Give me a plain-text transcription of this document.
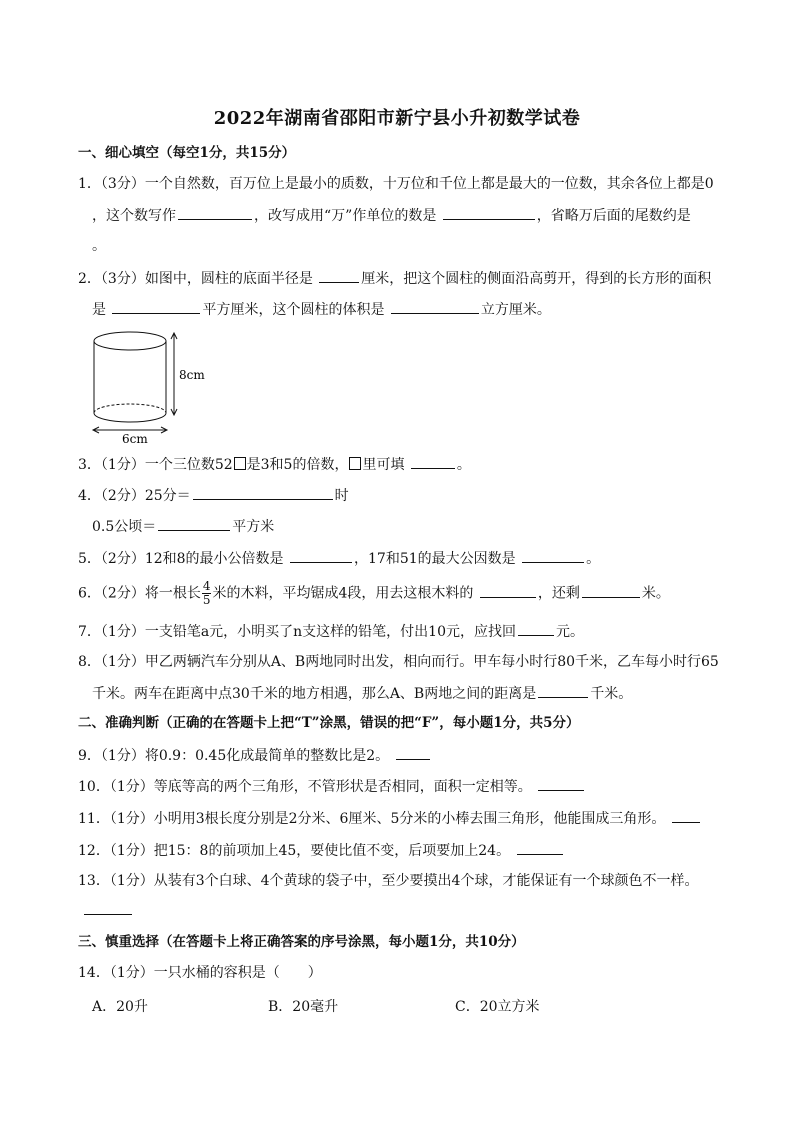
2022年湖南省邵阳市新宁县小升初数学试卷
一、细心填空（每空1分，共15分）
1．（3分）一个自然数，百万位上是最小的质数，十万位和千位上都是最大的一位数，其余各位上都是0
，这个数写作	，改写成用“万”作单位的数是	，省略万后面的尾数约是
。
2．（3分）如图中，圆柱的底面半径是	厘米，把这个圆柱的侧面沿高剪开，得到的长方形的面积
是	平方厘米，这个圆柱的体积是	立方厘米。
8cm
6cm
3．（1分）一个三位数52 是3和5的倍数， 里可填	。
4．（2分）25分＝	时
0.5公顷＝	平方米
5．（2分）12和8的最小公倍数是	，17和51的最大公因数是	。
6．（2分）将一根长 $\frac{4}{5}$ 米的木料，平均锯成4段，用去这根木料的	，还剩	米。
7．（1分）一支铅笔a元，小明买了n支这样的铅笔，付出10元，应找回	元。
8．（1分）甲乙两辆汽车分别从A、B两地同时出发，相向而行。甲车每小时行80千米，乙车每小时行65
千米。两车在距离中点30千米的地方相遇，那么A、B两地之间的距离是	千米。
二、准确判断（正确的在答题卡上把“T”涂黑，错误的把“F”，每小题1分，共5分）
9．（1分）将0.9：0.45化成最简单的整数比是2。
10．（1分）等底等高的两个三角形，不管形状是否相同，面积一定相等。
11．（1分）小明用3根长度分别是2分米、6厘米、5分米的小棒去围三角形，他能围成三角形。
12．（1分）把15：8的前项加上45，要使比值不变，后项要加上24。
13．（1分）从装有3个白球、4个黄球的袋子中，至少要摸出4个球，才能保证有一个球颜色不一样。
三、慎重选择（在答题卡上将正确答案的序号涂黑，每小题1分，共10分）
14．（1分）一只水桶的容积是（　　）
A．20升	B．20毫升	C．20立方米
